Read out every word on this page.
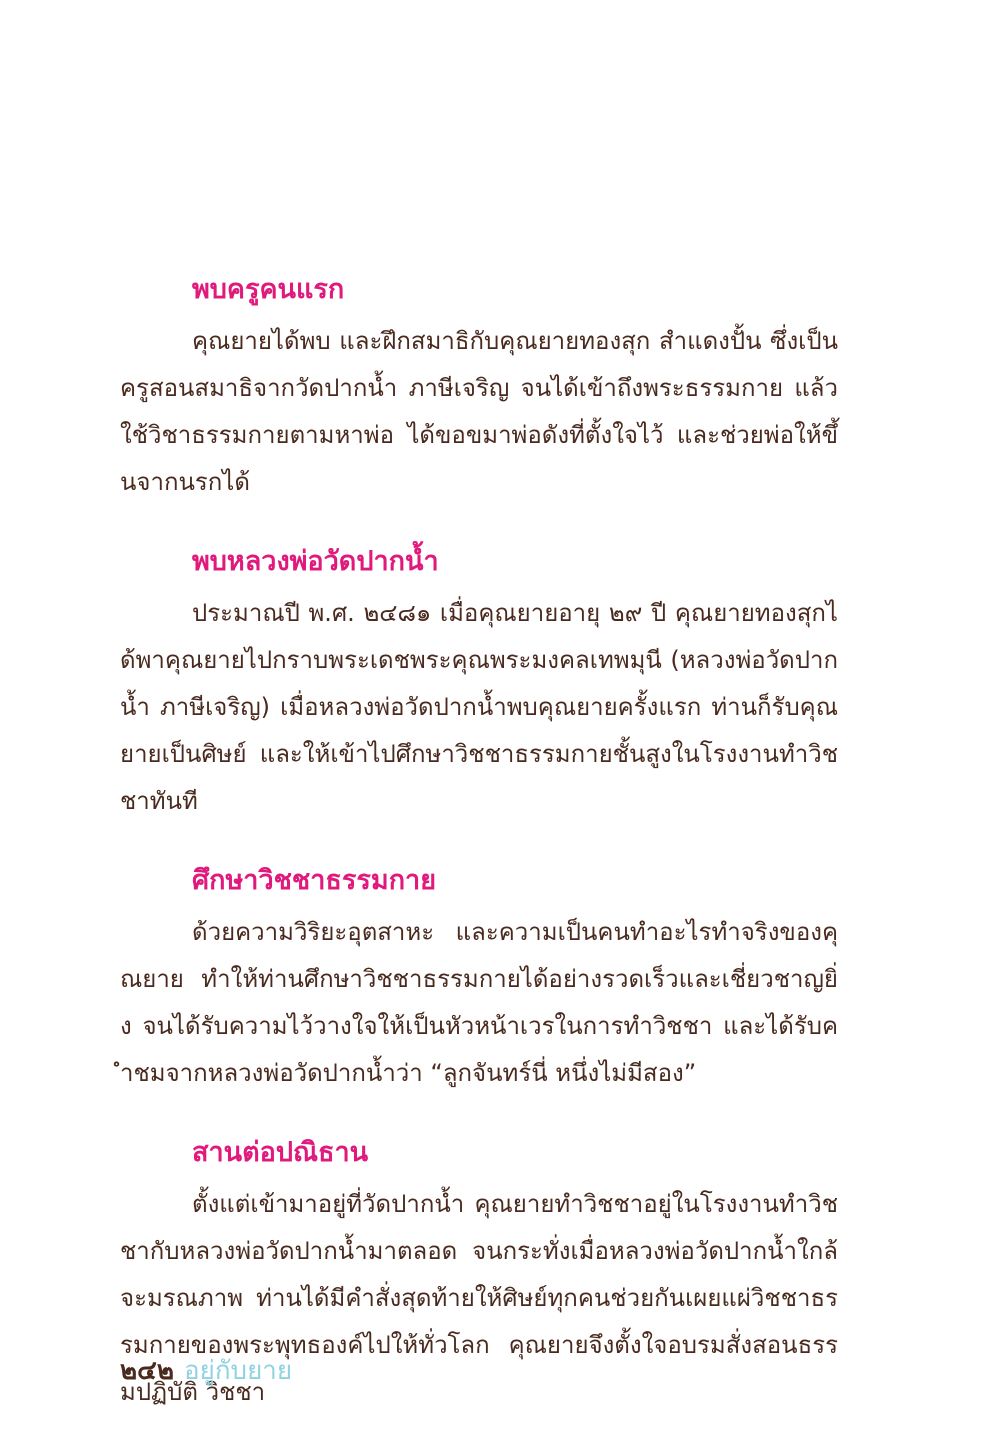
พบครูคนแรก

คุณยายได้พบ และฝึกสมาธิกับคุณยายทองสุก สำแดงปั้น ซึ่งเป็นครูสอนสมาธิจากวัดปากน้ำ ภาษีเจริญ จนได้เข้าถึงพระธรรมกาย แล้วใช้วิชาธรรมกายตามหาพ่อ ได้ขอขมาพ่อดังที่ตั้งใจไว้ และช่วยพ่อให้ขึ้นจากนรกได้

พบหลวงพ่อวัดปากน้ำ

ประมาณปี พ.ศ. ๒๔๘๑ เมื่อคุณยายอายุ ๒๙ ปี คุณยายทองสุกได้พาคุณยายไปกราบพระเดชพระคุณพระมงคลเทพมุนี (หลวงพ่อวัดปากน้ำ ภาษีเจริญ) เมื่อหลวงพ่อวัดปากน้ำพบคุณยายครั้งแรก ท่านก็รับคุณยายเป็นศิษย์ และให้เข้าไปศึกษาวิชชาธรรมกายชั้นสูงในโรงงานทำวิชชาทันที

ศึกษาวิชชาธรรมกาย

ด้วยความวิริยะอุตสาหะ และความเป็นคนทำอะไรทำจริงของคุณยาย ทำให้ท่านศึกษาวิชชาธรรมกายได้อย่างรวดเร็วและเชี่ยวชาญยิ่ง จนได้รับความไว้วางใจให้เป็นหัวหน้าเวรในการทำวิชชา และได้รับคำชมจากหลวงพ่อวัดปากน้ำว่า “ลูกจันทร์นี่ หนึ่งไม่มีสอง”

สานต่อปณิธาน

ตั้งแต่เข้ามาอยู่ที่วัดปากน้ำ คุณยายทำวิชชาอยู่ในโรงงานทำวิชชากับหลวงพ่อวัดปากน้ำมาตลอด จนกระทั่งเมื่อหลวงพ่อวัดปากน้ำใกล้จะมรณภาพ ท่านได้มีคำสั่งสุดท้ายให้ศิษย์ทุกคนช่วยกันเผยแผ่วิชชาธรรมกายของพระพุทธองค์ไปให้ทั่วโลก คุณยายจึงตั้งใจอบรมสั่งสอนธรรมปฏิบัติ วิชชา

๒๔๒ อยู่กับยาย
